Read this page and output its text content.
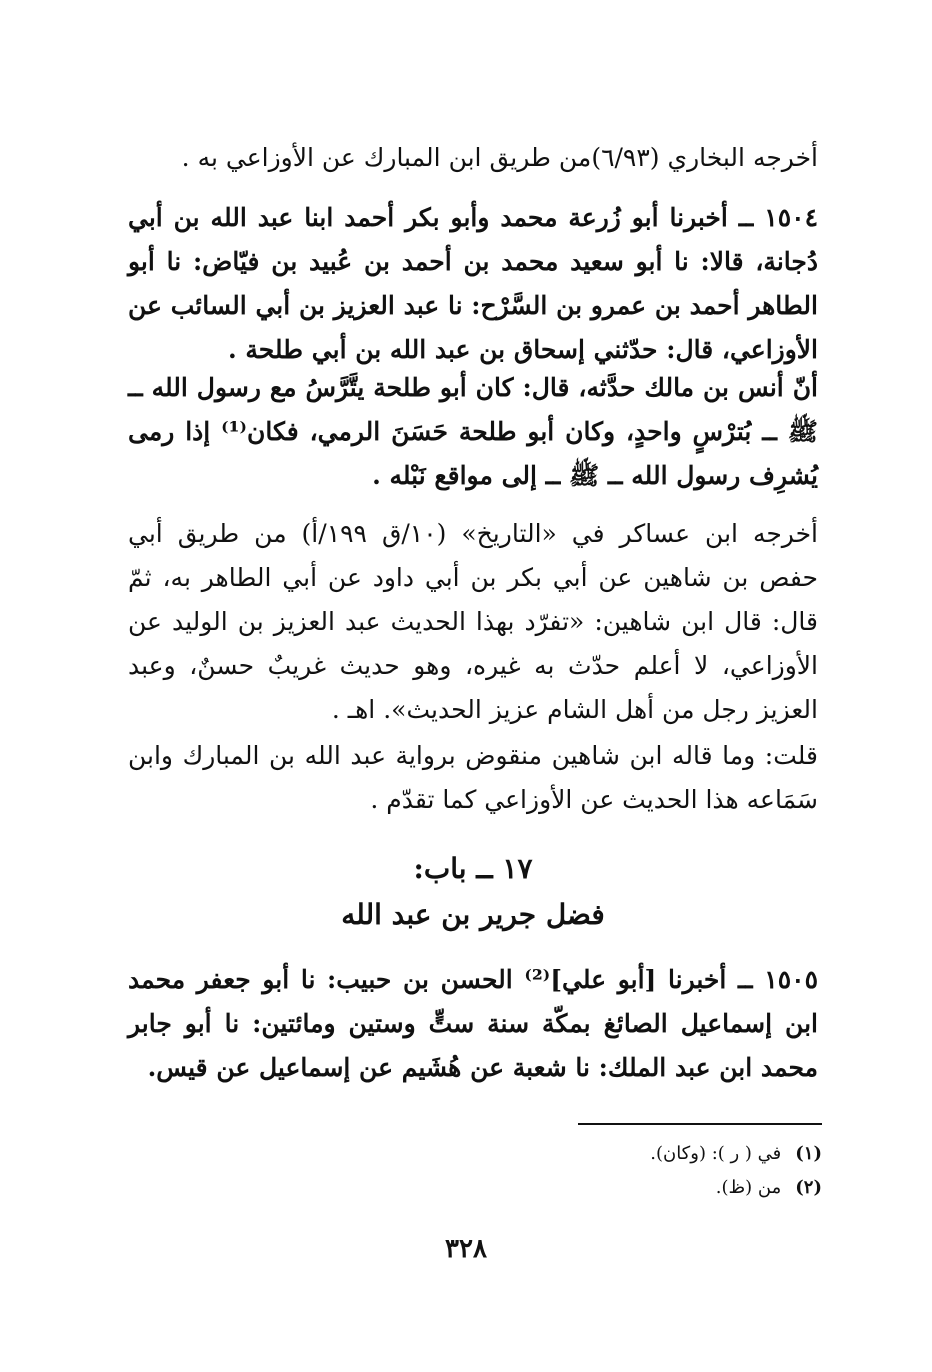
أخرجه البخاري (٦/٩٣)من طريق ابن المبارك عن الأوزاعي به .

١٥٠٤ ــ أخبرنا أبو زُرعة محمد وأبو بكر أحمد ابنا عبد الله بن أبي دُجانة، قالا: نا أبو سعيد محمد بن أحمد بن عُبيد بن فيّاض: نا أبو الطاهر أحمد بن عمرو بن السَّرْح: نا عبد العزيز بن أبي السائب عن الأوزاعي، قال: حدّثني إسحاق بن عبد الله بن أبي طلحة .

أنّ أنس بن مالك حدَّثه، قال: كان أبو طلحة يتَّرَّسُ مع رسول الله ــ ﷺ ــ بُترْسٍ واحدٍ، وكان أبو طلحة حَسَنَ الرمي، فكان⁽¹⁾ إذا رمى يُشرِف رسول الله ــ ﷺ ــ إلى مواقع نَبْله .

أخرجه ابن عساكر في «التاريخ» (١٠/ق ١٩٩/أ) من طريق أبي حفص بن شاهين عن أبي بكر بن أبي داود عن أبي الطاهر به، ثمّ قال: قال ابن شاهين: «تفرّد بهذا الحديث عبد العزيز بن الوليد عن الأوزاعي، لا أعلم حدّث به غيره، وهو حديث غريبٌ حسنٌ، وعبد العزيز رجل من أهل الشام عزيز الحديث». اهـ .

قلت: وما قاله ابن شاهين منقوض برواية عبد الله بن المبارك وابن سَمَاعه هذا الحديث عن الأوزاعي كما تقدّم .

١٧ ــ باب:
فضل جرير بن عبد الله

١٥٠٥ ــ أخبرنا [أبو علي]⁽²⁾ الحسن بن حبيب: نا أبو جعفر محمد ابن إسماعيل الصائغ بمكّة سنة ستٍّ وستين ومائتين: نا أبو جابر محمد ابن عبد الملك: نا شعبة عن هُشَيم عن إسماعيل عن قيس.

(١)في ( ر ): (وكان).
(٢)من (ظ).
٣٢٨
